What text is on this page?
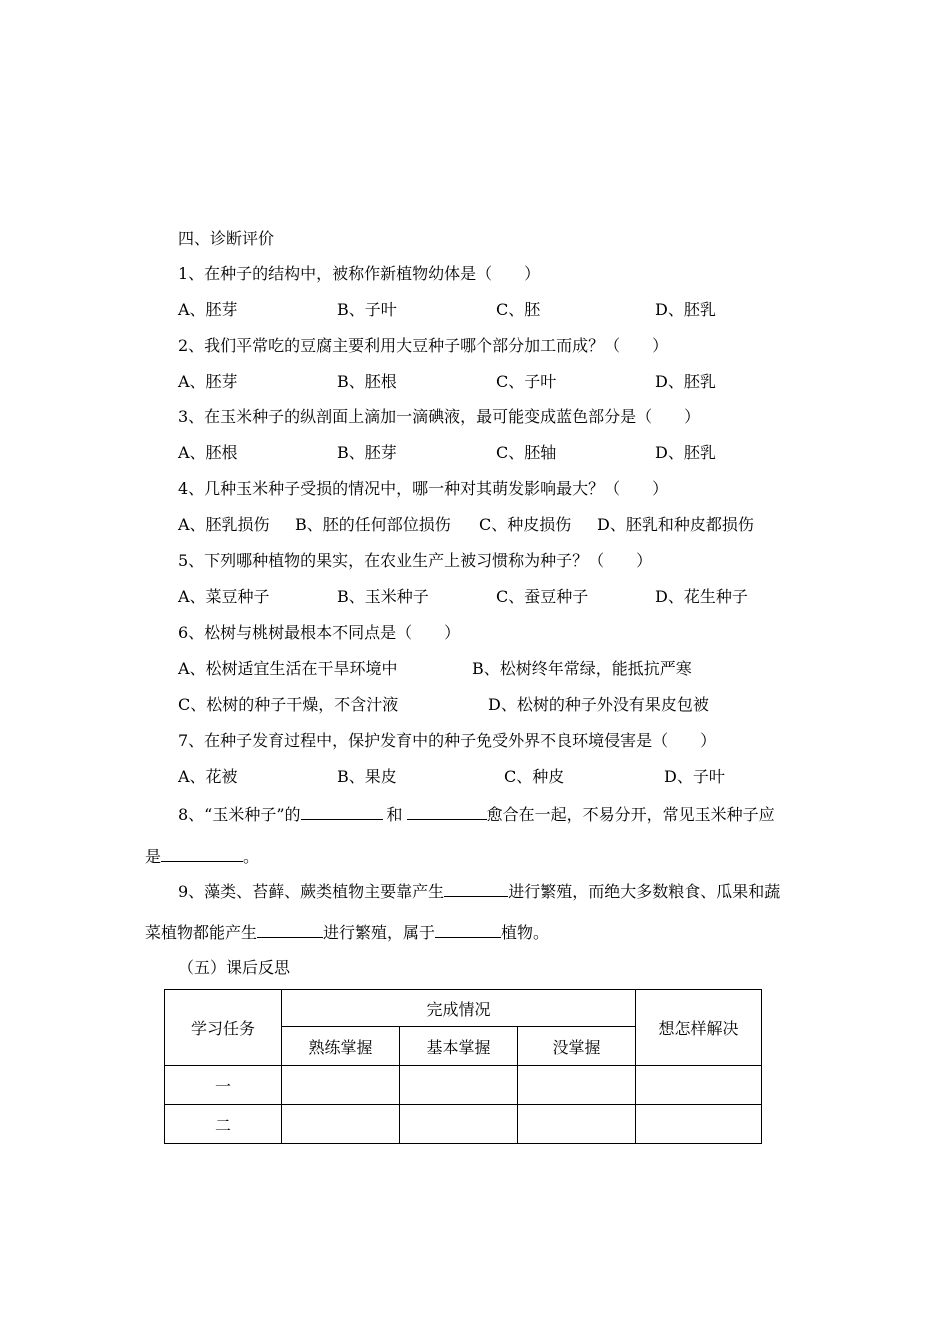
四、诊断评价
1、在种子的结构中，被称作新植物幼体是（　　）
A、胚芽	B、子叶	C、胚	D、胚乳
2、我们平常吃的豆腐主要利用大豆种子哪个部分加工而成？（　　）
A、胚芽	B、胚根	C、子叶	D、胚乳
3、在玉米种子的纵剖面上滴加一滴碘液，最可能变成蓝色部分是（　　）
A、胚根	B、胚芽	C、胚轴	D、胚乳
4、几种玉米种子受损的情况中，哪一种对其萌发影响最大？（　　）
A、胚乳损伤 B、胚的任何部位损伤 C、种皮损伤 D、胚乳和种皮都损伤
5、下列哪种植物的果实，在农业生产上被习惯称为种子？（　　）
A、菜豆种子	B、玉米种子	C、蚕豆种子	D、花生种子
6、松树与桃树最根本不同点是（　　）
A、松树适宜生活在干旱环境中	B、松树终年常绿，能抵抗严寒
C、松树的种子干燥，不含汁液	D、松树的种子外没有果皮包被
7、在种子发育过程中，保护发育中的种子免受外界不良环境侵害是（　　）
A、花被	B、果皮	C、种皮	D、子叶
8、“玉米种子”的	和	愈合在一起，不易分开，常见玉米种子应
是	。
9、藻类、苔藓、蕨类植物主要靠产生	进行繁殖，而绝大多数粮食、瓜果和蔬
菜植物都能产生	进行繁殖，属于	植物。
（五）课后反思
学习任务	完成情况			想怎样解决
	熟练掌握	基本掌握	没掌握	
一				
二				
